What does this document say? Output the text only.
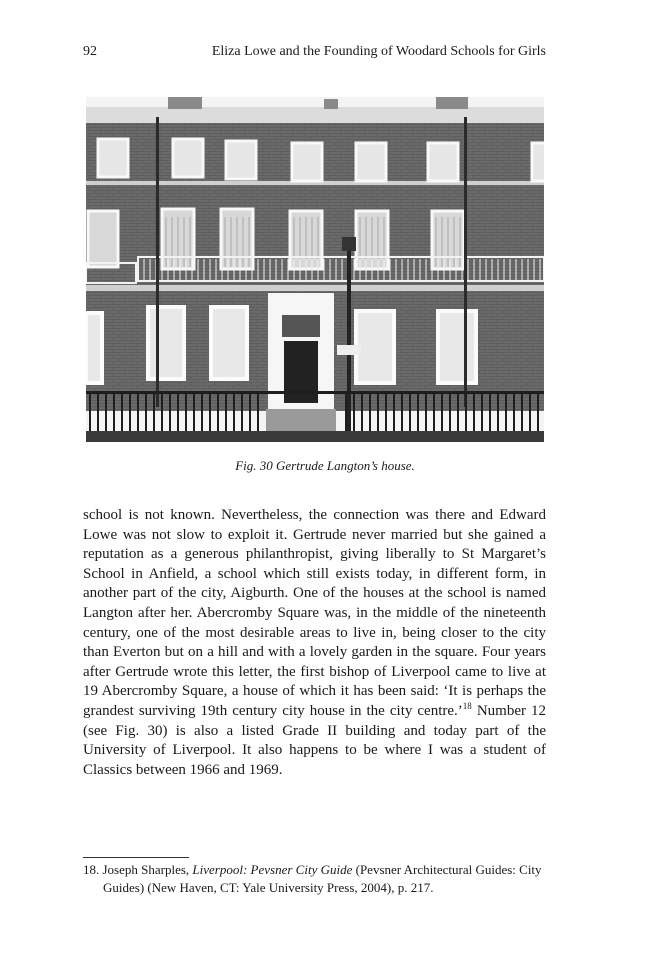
92	Eliza Lowe and the Founding of Woodard Schools for Girls
Fig. 30 Gertrude Langton’s house.

school is not known. Nevertheless, the connection was there and Edward Lowe was not slow to exploit it. Gertrude never married but she gained a reputation as a generous philanthropist, giving liberally to St Margaret’s School in Anfield, a school which still exists today, in different form, in another part of the city, Aigburth. One of the houses at the school is named Langton after her. Abercromby Square was, in the middle of the nineteenth century, one of the most desirable areas to live in, being closer to the city than Everton but on a hill and with a lovely garden in the square. Four years after Gertrude wrote this letter, the first bishop of Liverpool came to live at 19 Abercromby Square, a house of which it has been said: ‘It is perhaps the grandest surviving 19th century city house in the city centre.’$^{18}$ Number 12 (see Fig. 30) is also a listed Grade II building and today part of the University of Liverpool. It also happens to be where I was a student of Classics between 1966 and 1969.

18. Joseph Sharples, Liverpool: Pevsner City Guide (Pevsner Architectural Guides: City Guides) (New Haven, CT: Yale University Press, 2004), p. 217.
